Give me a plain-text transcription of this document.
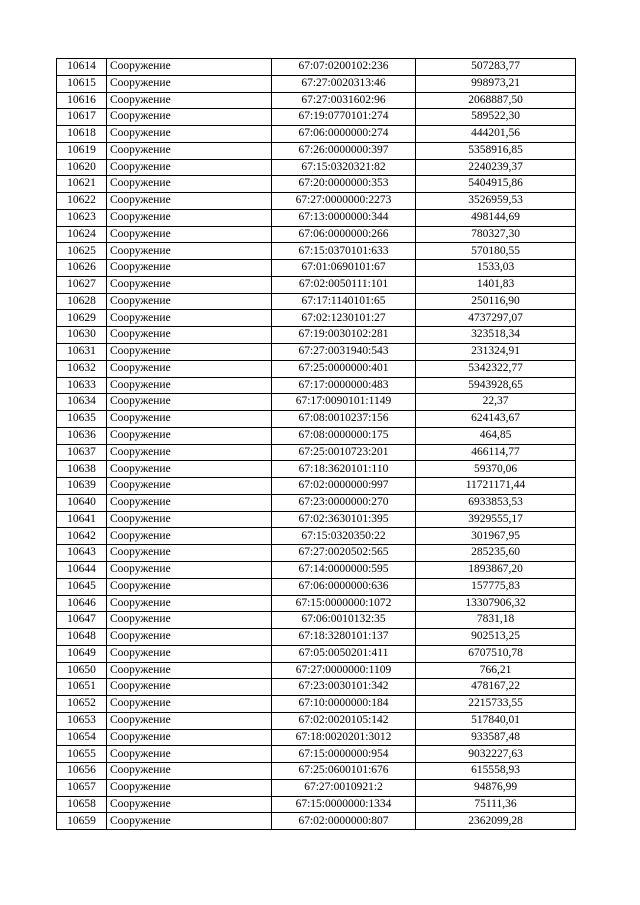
10614	Сооружение	67:07:0200102:236	507283,77
10615	Сооружение	67:27:0020313:46	998973,21
10616	Сооружение	67:27:0031602:96	2068887,50
10617	Сооружение	67:19:0770101:274	589522,30
10618	Сооружение	67:06:0000000:274	444201,56
10619	Сооружение	67:26:0000000:397	5358916,85
10620	Сооружение	67:15:0320321:82	2240239,37
10621	Сооружение	67:20:0000000:353	5404915,86
10622	Сооружение	67:27:0000000:2273	3526959,53
10623	Сооружение	67:13:0000000:344	498144,69
10624	Сооружение	67:06:0000000:266	780327,30
10625	Сооружение	67:15:0370101:633	570180,55
10626	Сооружение	67:01:0690101:67	1533,03
10627	Сооружение	67:02:0050111:101	1401,83
10628	Сооружение	67:17:1140101:65	250116,90
10629	Сооружение	67:02:1230101:27	4737297,07
10630	Сооружение	67:19:0030102:281	323518,34
10631	Сооружение	67:27:0031940:543	231324,91
10632	Сооружение	67:25:0000000:401	5342322,77
10633	Сооружение	67:17:0000000:483	5943928,65
10634	Сооружение	67:17:0090101:1149	22,37
10635	Сооружение	67:08:0010237:156	624143,67
10636	Сооружение	67:08:0000000:175	464,85
10637	Сооружение	67:25:0010723:201	466114,77
10638	Сооружение	67:18:3620101:110	59370,06
10639	Сооружение	67:02:0000000:997	11721171,44
10640	Сооружение	67:23:0000000:270	6933853,53
10641	Сооружение	67:02:3630101:395	3929555,17
10642	Сооружение	67:15:0320350:22	301967,95
10643	Сооружение	67:27:0020502:565	285235,60
10644	Сооружение	67:14:0000000:595	1893867,20
10645	Сооружение	67:06:0000000:636	157775,83
10646	Сооружение	67:15:0000000:1072	13307906,32
10647	Сооружение	67:06:0010132:35	7831,18
10648	Сооружение	67:18:3280101:137	902513,25
10649	Сооружение	67:05:0050201:411	6707510,78
10650	Сооружение	67:27:0000000:1109	766,21
10651	Сооружение	67:23:0030101:342	478167,22
10652	Сооружение	67:10:0000000:184	2215733,55
10653	Сооружение	67:02:0020105:142	517840,01
10654	Сооружение	67:18:0020201:3012	933587,48
10655	Сооружение	67:15:0000000:954	9032227,63
10656	Сооружение	67:25:0600101:676	615558,93
10657	Сооружение	67:27:0010921:2	94876,99
10658	Сооружение	67:15:0000000:1334	75111,36
10659	Сооружение	67:02:0000000:807	2362099,28
